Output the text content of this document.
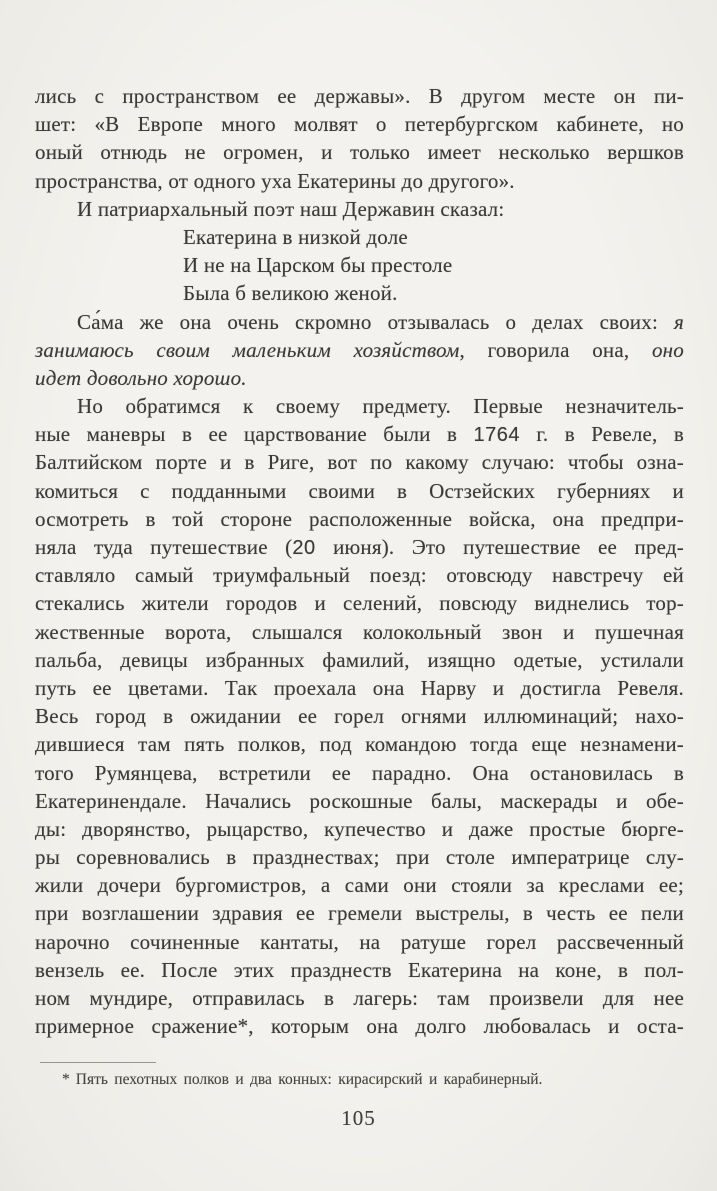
лись с пространством ее державы». В другом месте он пи-
шет: «В Европе много молвят о петербургском кабинете, но
оный отнюдь не огромен, и только имеет несколько вершков
пространства, от одного уха Екатерины до другого».
И патриархальный поэт наш Державин сказал:
Екатерина в низкой доле
И не на Царском бы престоле
Была б великою женой.
Са́ма же она очень скромно отзывалась о делах своих: я
занимаюсь своим маленьким хозяйством, говорила она, оно
идет довольно хорошо.
Но обратимся к своему предмету. Первые незначитель-
ные маневры в ее царствование были в 1764 г. в Ревеле, в
Балтийском порте и в Риге, вот по какому случаю: чтобы озна-
комиться с подданными своими в Остзейских губерниях и
осмотреть в той стороне расположенные войска, она предпри-
няла туда путешествие (20 июня). Это путешествие ее пред-
ставляло самый триумфальный поезд: отовсюду навстречу ей
стекались жители городов и селений, повсюду виднелись тор-
жественные ворота, слышался колокольный звон и пушечная
пальба, девицы избранных фамилий, изящно одетые, устилали
путь ее цветами. Так проехала она Нарву и достигла Ревеля.
Весь город в ожидании ее горел огнями иллюминаций; нахо-
дившиеся там пять полков, под командою тогда еще незнамени-
того Румянцева, встретили ее парадно. Она остановилась в
Екатеринендале. Начались роскошные балы, маскерады и обе-
ды: дворянство, рыцарство, купечество и даже простые бюрге-
ры соревновались в празднествах; при столе императрице слу-
жили дочери бургомистров, а сами они стояли за креслами ее;
при возглашении здравия ее гремели выстрелы, в честь ее пели
нарочно сочиненные кантаты, на ратуше горел рассвеченный
вензель ее. После этих празднеств Екатерина на коне, в пол-
ном мундире, отправилась в лагерь: там произвели для нее
примерное сражение*, которым она долго любовалась и оста-
* Пять пехотных полков и два конных: кирасирский и карабинерный.
105
